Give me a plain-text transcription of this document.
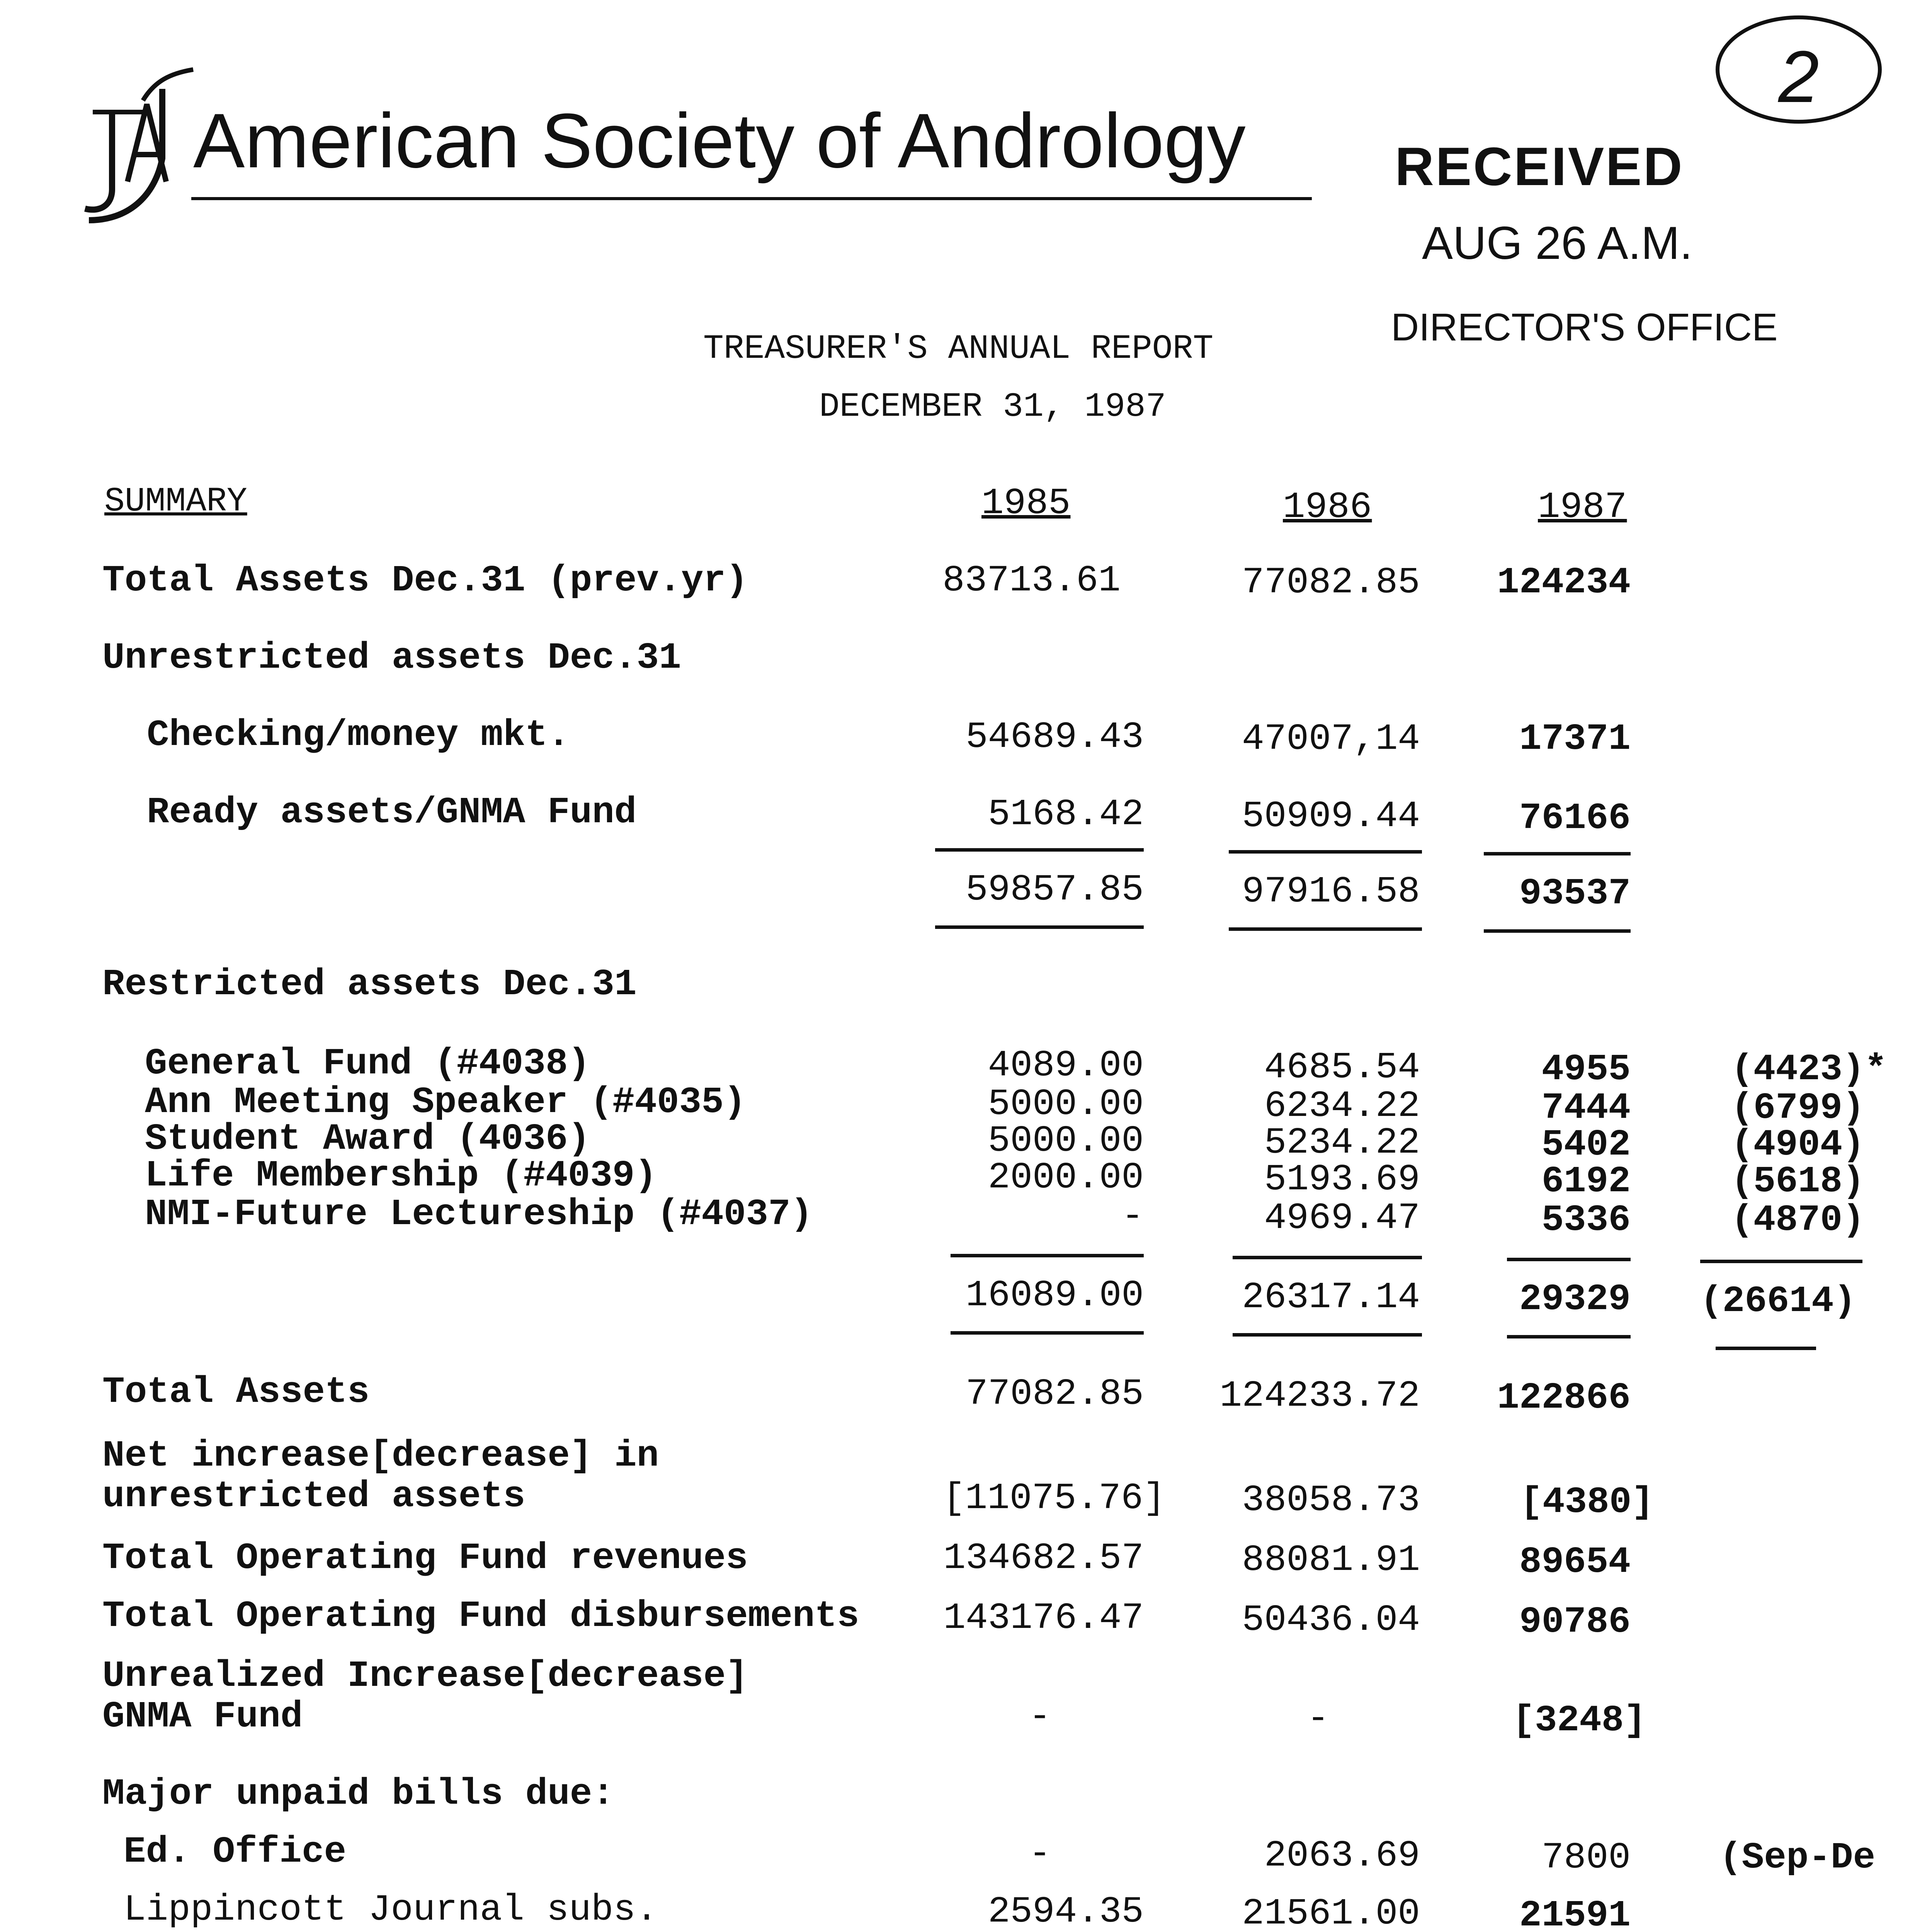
American Society of Andrology
2
RECEIVED
AUG 26 A.M.
DIRECTOR'S OFFICE
TREASURER'S ANNUAL REPORT
DECEMBER 31, 1987
SUMMARY	1985	1986	1987
Total Assets Dec.31 (prev.yr)	83713.61	77082.85	124234
Unrestricted assets Dec.31
Checking/money mkt.	54689.43	47007,14	17371
Ready assets/GNMA Fund	5168.42	50909.44	76166
59857.85	97916.58	93537
Restricted assets Dec.31
General Fund (#4038)	4089.00	4685.54	4955	(4423)*
Ann Meeting Speaker (#4035)	5000.00	6234.22	7444	(6799)
Student Award (4036)	5000.00	5234.22	5402	(4904)
Life Membership (#4039)	2000.00	5193.69	6192	(5618)
NMI-Future Lectureship (#4037)	-	4969.47	5336	(4870)
16089.00	26317.14	29329 (26614)
Total Assets	77082.85	124233.72	122866
Net increase[decrease] in
unrestricted assets	[11075.76]	38058.73	[4380]
Total Operating Fund revenues	134682.57	88081.91	89654
Total Operating Fund disbursements	143176.47	50436.04	90786
Unrealized Increase[decrease]
GNMA Fund	-	-	[3248]
Major unpaid bills due:
Ed. Office	-	2063.69	7800 (Sep-De
Lippincott Journal subs.	2594.35	21561.00	21591
